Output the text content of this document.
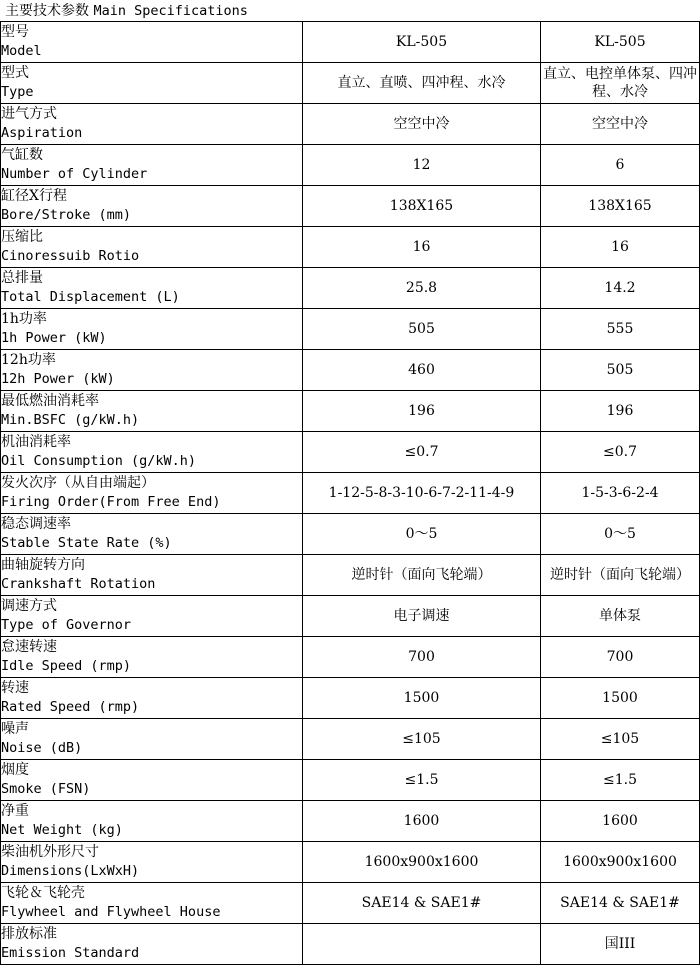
主要技术参数 Main Specifications
型号
Model	KL-505	KL-505

型式
Type	直立、直喷、四冲程、水冷	直立、电控单体泵、四冲程、水冷

进气方式
Aspiration	空空中冷	空空中冷

气缸数
Number of Cylinder	12	6

缸径X行程
Bore/Stroke (mm)	138X165	138X165

压缩比
Cinoressuib Rotio	16	16

总排量
Total Displacement (L)	25.8	14.2

1h功率
1h Power (kW)	505	555

12h功率
12h Power (kW)	460	505

最低燃油消耗率
Min.BSFC (g/kW.h)	196	196

机油消耗率
Oil Consumption (g/kW.h)	≤0.7	≤0.7

发火次序（从自由端起）
Firing Order(From Free End)	1-12-5-8-3-10-6-7-2-11-4-9	1-5-3-6-2-4

稳态调速率
Stable State Rate (%)	0～5	0～5

曲轴旋转方向
Crankshaft Rotation	逆时针（面向飞轮端）	逆时针（面向飞轮端）

调速方式
Type of Governor	电子调速	单体泵

怠速转速
Idle Speed (rmp)	700	700

转速
Rated Speed (rmp)	1500	1500

噪声
Noise (dB)	≤105	≤105

烟度
Smoke (FSN)	≤1.5	≤1.5

净重
Net Weight (kg)	1600	1600

柴油机外形尺寸
Dimensions(LxWxH)	1600x900x1600	1600x900x1600

飞轮＆飞轮壳
Flywheel and Flywheel House	SAE14 & SAE1#	SAE14 & SAE1#

排放标准
Emission Standard		国III
